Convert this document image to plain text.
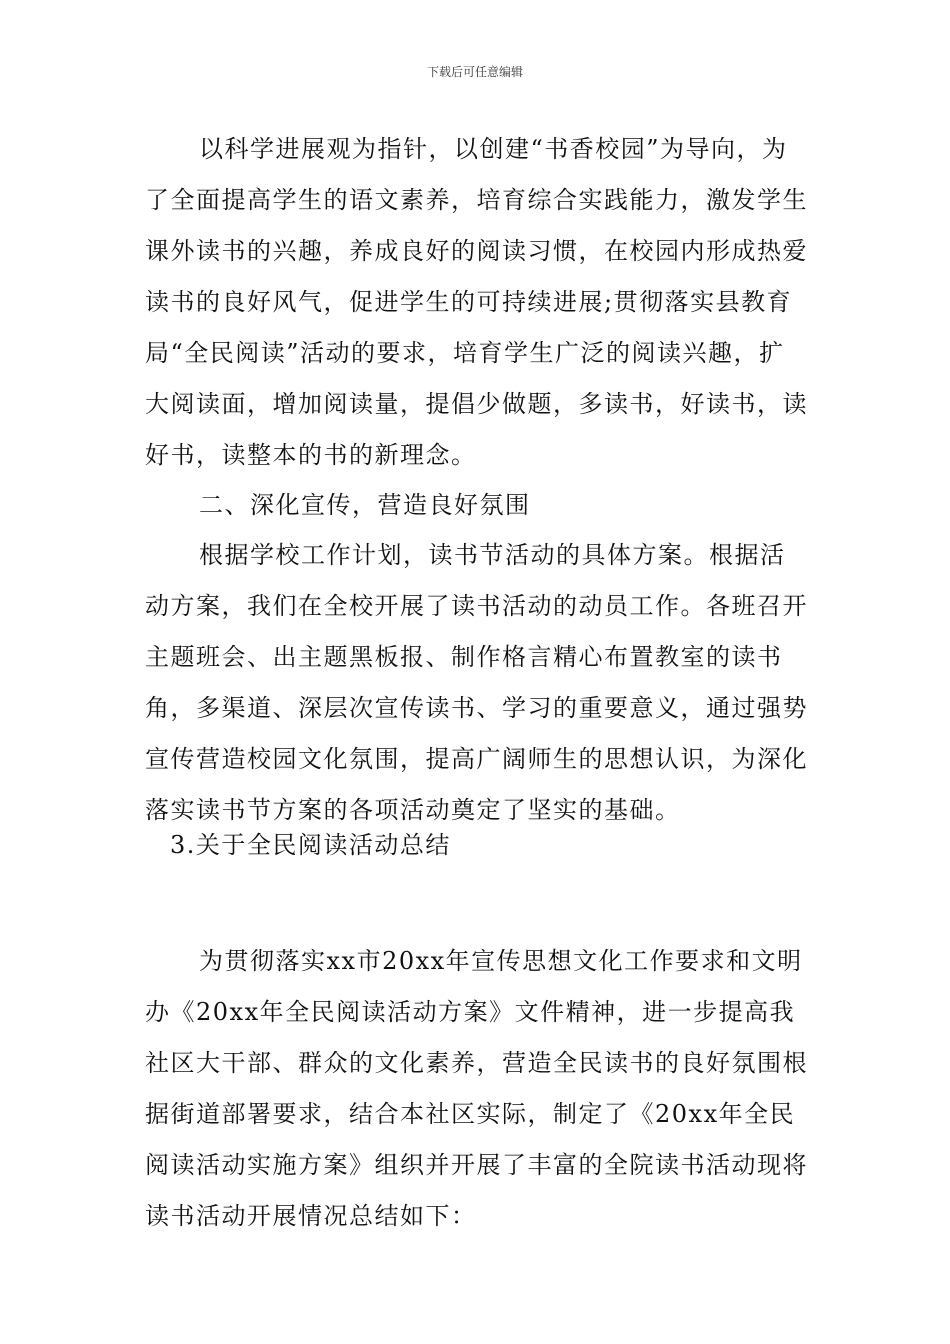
下载后可任意编辑

以科学进展观为指针，以创建“书香校园”为导向，为了全面提高学生的语文素养，培育综合实践能力，激发学生课外读书的兴趣，养成良好的阅读习惯，在校园内形成热爱读书的良好风气，促进学生的可持续进展;贯彻落实县教育局“全民阅读”活动的要求，培育学生广泛的阅读兴趣，扩大阅读面，增加阅读量，提倡少做题，多读书，好读书，读好书，读整本的书的新理念。

二、深化宣传，营造良好氛围

根据学校工作计划，读书节活动的具体方案。根据活动方案，我们在全校开展了读书活动的动员工作。各班召开主题班会、出主题黑板报、制作格言精心布置教室的读书角，多渠道、深层次宣传读书、学习的重要意义，通过强势宣传营造校园文化氛围，提高广阔师生的思想认识，为深化落实读书节方案的各项活动奠定了坚实的基础。

3.关于全民阅读活动总结

为贯彻落实xx市20xx年宣传思想文化工作要求和文明办《20xx年全民阅读活动方案》文件精神，进一步提高我社区大干部、群众的文化素养，营造全民读书的良好氛围根据街道部署要求，结合本社区实际，制定了《20xx年全民阅读活动实施方案》组织并开展了丰富的全院读书活动现将读书活动开展情况总结如下：
